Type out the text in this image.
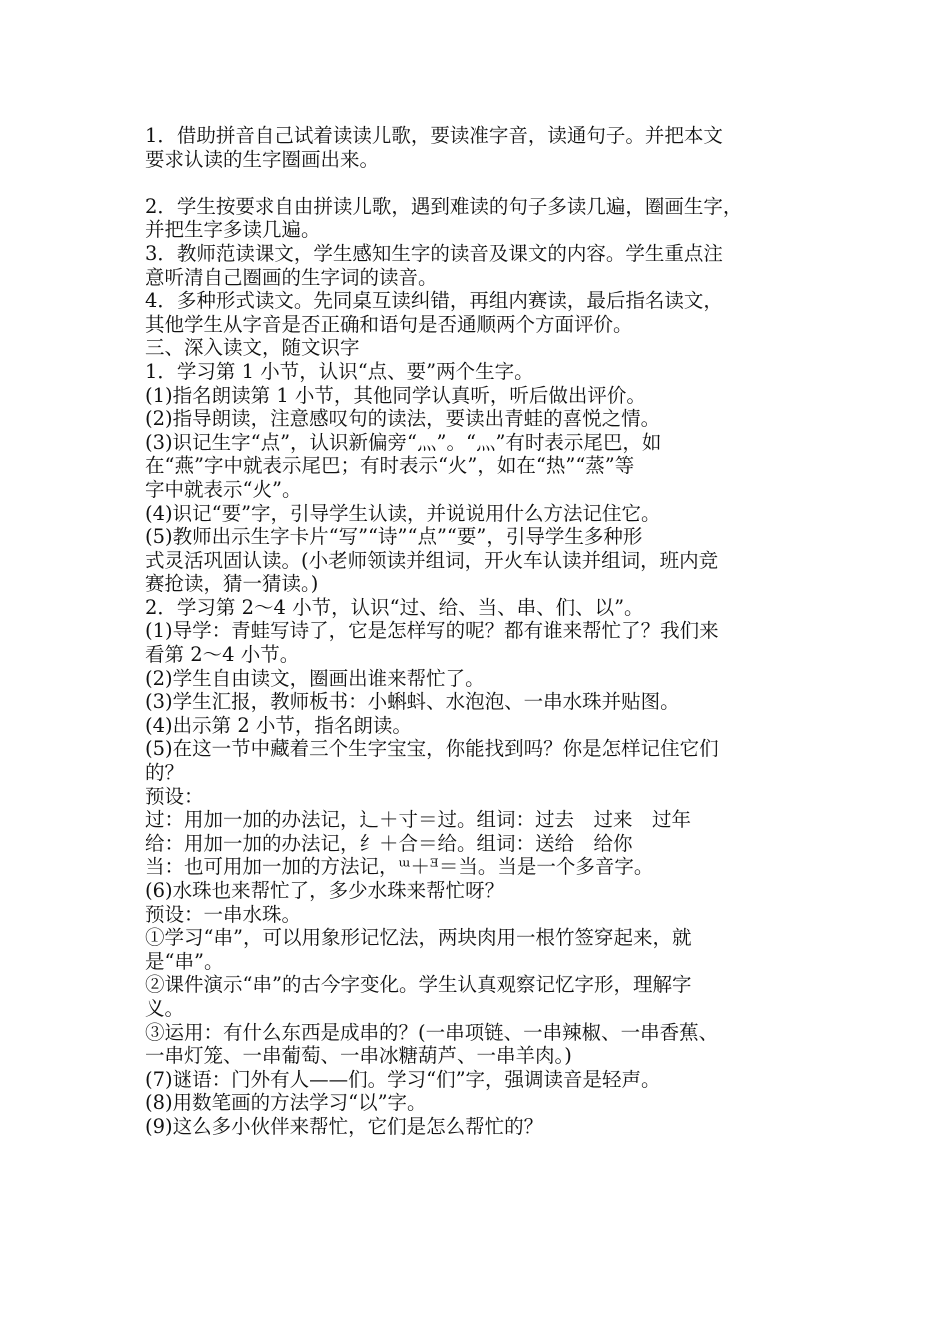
1．借助拼音自己试着读读儿歌，要读准字音，读通句子。并把本文
要求认读的生字圈画出来。
2．学生按要求自由拼读儿歌，遇到难读的句子多读几遍，圈画生字，
并把生字多读几遍。
3．教师范读课文，学生感知生字的读音及课文的内容。学生重点注
意听清自己圈画的生字词的读音。
4．多种形式读文。先同桌互读纠错，再组内赛读，最后指名读文，
其他学生从字音是否正确和语句是否通顺两个方面评价。
三、深入读文，随文识字
1．学习第 1 小节，认识“点、要”两个生字。
(1)指名朗读第 1 小节，其他同学认真听，听后做出评价。
(2)指导朗读，注意感叹句的读法，要读出青蛙的喜悦之情。
(3)识记生字“点”，认识新偏旁“灬”。“灬”有时表示尾巴，如
在“燕”字中就表示尾巴；有时表示“火”，如在“热”“蒸”等
字中就表示“火”。
(4)识记“要”字，引导学生认读，并说说用什么方法记住它。
(5)教师出示生字卡片“写”“诗”“点”“要”，引导学生多种形
式灵活巩固认读。(小老师领读并组词，开火车认读并组词，班内竞
赛抢读，猜一猜读。)
2．学习第 2～4 小节，认识“过、给、当、串、们、以”。
(1)导学：青蛙写诗了，它是怎样写的呢？都有谁来帮忙了？我们来
看第 2～4 小节。
(2)学生自由读文，圈画出谁来帮忙了。
(3)学生汇报，教师板书：小蝌蚪、水泡泡、一串水珠并贴图。
(4)出示第 2 小节，指名朗读。
(5)在这一节中藏着三个生字宝宝，你能找到吗？你是怎样记住它们
的？
预设：
过：用加一加的办法记，辶＋寸＝过。组词：过去　过来　过年
给：用加一加的办法记，纟＋合＝给。组词：送给　给你
当：也可用加一加的方法记，ᵚ＋ᴲ＝当。当是一个多音字。
(6)水珠也来帮忙了，多少水珠来帮忙呀？
预设：一串水珠。
①学习“串”，可以用象形记忆法，两块肉用一根竹签穿起来，就
是“串”。
②课件演示“串”的古今字变化。学生认真观察记忆字形，理解字
义。
③运用：有什么东西是成串的？(一串项链、一串辣椒、一串香蕉、
一串灯笼、一串葡萄、一串冰糖葫芦、一串羊肉。)
(7)谜语：门外有人——们。学习“们”字，强调读音是轻声。
(8)用数笔画的方法学习“以”字。
(9)这么多小伙伴来帮忙，它们是怎么帮忙的？
